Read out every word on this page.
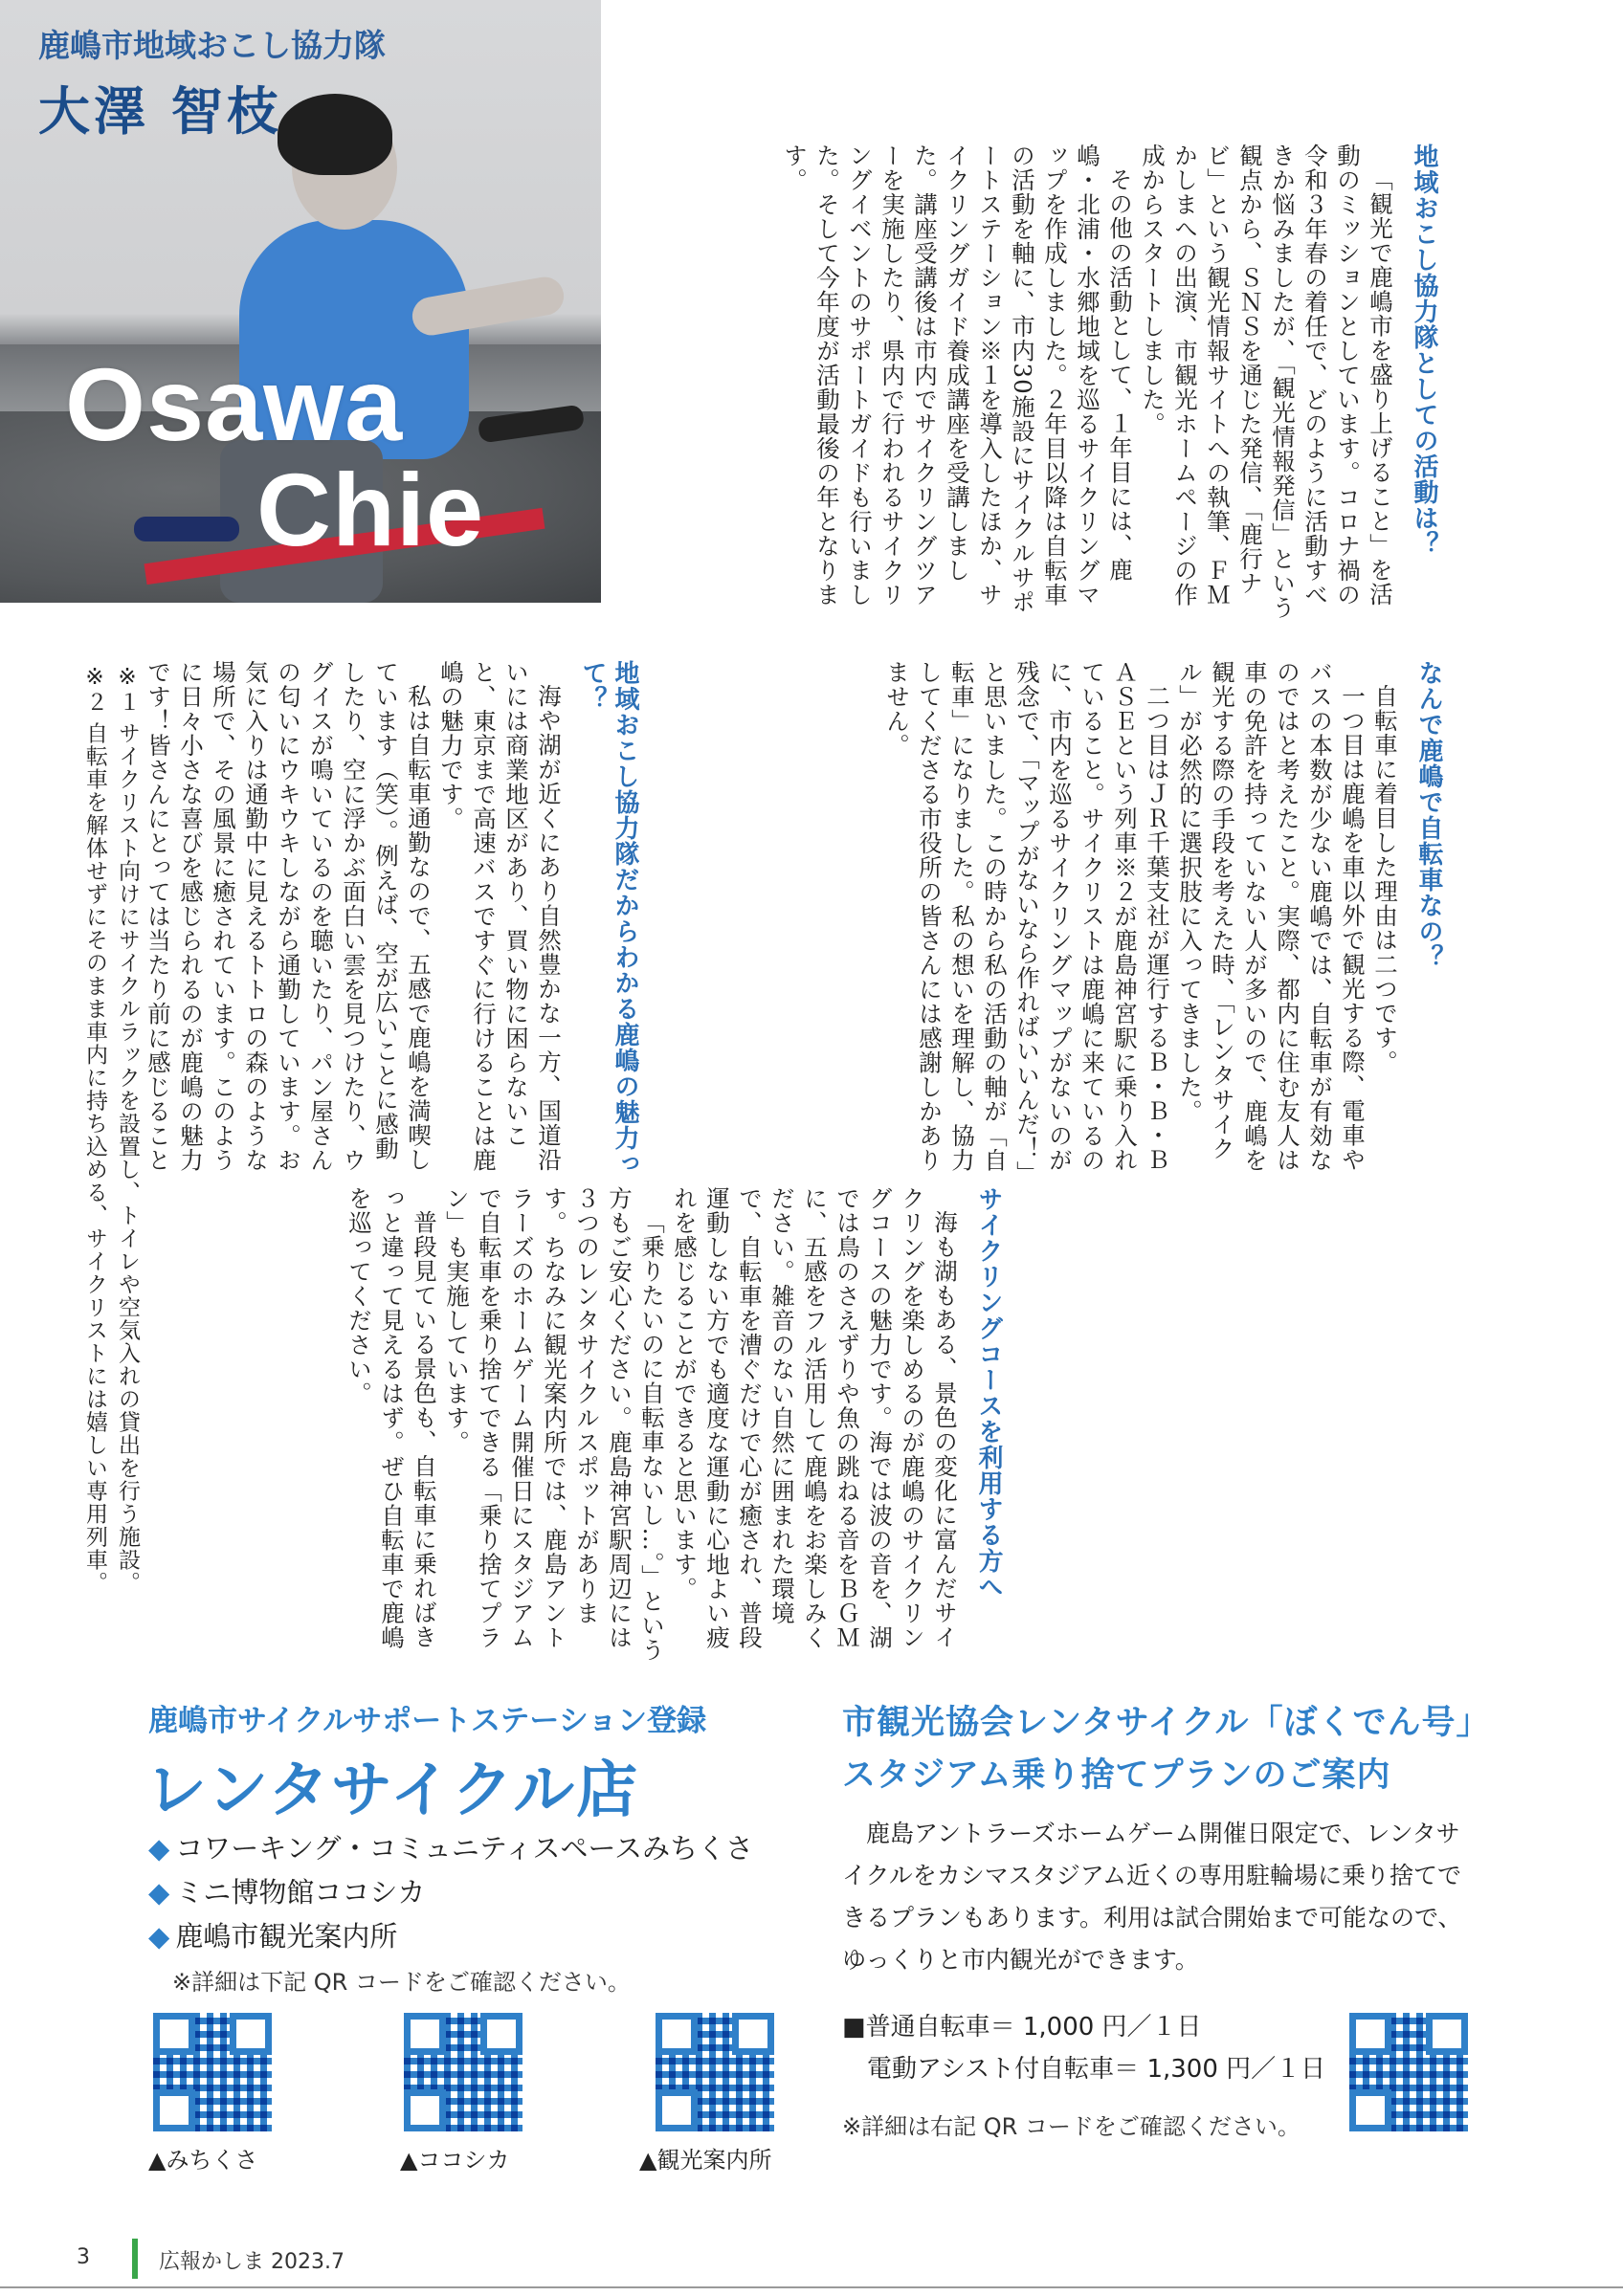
鹿嶋市地域おこし協力隊
大澤 智枝
Osawa
Chie	地域おこし協力隊としての活動は？

「観光で鹿嶋市を盛り上げること」を活動のミッションとしています。コロナ禍の令和３年春の着任で、どのように活動すべきか悩みましたが、「観光情報発信」という観点から、ＳＮＳを通じた発信、「鹿行ナビ」という観光情報サイトへの執筆、ＦＭかしまへの出演、市観光ホームページの作成からスタートしました。

その他の活動として、１年目には、鹿嶋・北浦・水郷地域を巡るサイクリングマップを作成しました。２年目以降は自転車の活動を軸に、市内30施設にサイクルサポートステーション※１を導入したほか、サイクリングガイド養成講座を受講しました。講座受講後は市内でサイクリングツアーを実施したり、県内で行われるサイクリングイベントのサポートガイドも行いました。そして今年度が活動最後の年となります。

なんで鹿嶋で自転車なの？

自転車に着目した理由は二つです。

一つ目は鹿嶋を車以外で観光する際、電車やバスの本数が少ない鹿嶋では、自転車が有効なのではと考えたこと。実際、都内に住む友人は車の免許を持っていない人が多いので、鹿嶋を観光する際の手段を考えた時、「レンタサイクル」が必然的に選択肢に入ってきました。

二つ目はＪＲ千葉支社が運行するＢ・Ｂ・ＢＡＳＥという列車※２が鹿島神宮駅に乗り入れていること。サイクリストは鹿嶋に来ているのに、市内を巡るサイクリングマップがないのが残念で、「マップがないなら作ればいいんだ！」と思いました。この時から私の活動の軸が「自転車」になりました。私の想いを理解し、協力してくださる市役所の皆さんには感謝しかありません。

地域おこし協力隊だからわかる鹿嶋の魅力って？

海や湖が近くにあり自然豊かな一方、国道沿いには商業地区があり、買い物に困らないこと、東京まで高速バスですぐに行けることは鹿嶋の魅力です。

私は自転車通勤なので、五感で鹿嶋を満喫しています（笑）。例えば、空が広いことに感動したり、空に浮かぶ面白い雲を見つけたり、ウグイスが鳴いているのを聴いたり、パン屋さんの匂いにウキウキしながら通勤しています。お気に入りは通勤中に見えるトトロの森のような場所で、その風景に癒されています。このように日々小さな喜びを感じられるのが鹿嶋の魅力です！皆さんにとっては当たり前に感じること

※１ サイクリスト向けにサイクルラックを設置し、トイレや空気入れの貸出を行う施設。

※２ 自転車を解体せずにそのまま車内に持ち込める、サイクリストには嬉しい専用列車。	サイクリングコースを利用する方へ

海も湖もある、景色の変化に富んだサイクリングを楽しめるのが鹿嶋のサイクリングコースの魅力です。海では波の音を、湖では鳥のさえずりや魚の跳ねる音をＢＧＭに、五感をフル活用して鹿嶋をお楽しみください。雑音のない自然に囲まれた環境で、自転車を漕ぐだけで心が癒され、普段運動しない方でも適度な運動に心地よい疲れを感じることができると思います。

「乗りたいのに自転車ないし…。」という方もご安心ください。鹿島神宮駅周辺には３つのレンタサイクルスポットがあります。ちなみに観光案内所では、鹿島アントラーズのホームゲーム開催日にスタジアムで自転車を乗り捨てできる「乗り捨てプラン」も実施しています。

普段見ている景色も、自転車に乗ればきっと違って見えるはず。ぜひ自転車で鹿嶋を巡ってください。

鹿嶋市サイクルサポートステーション登録
レンタサイクル店
◆ コワーキング・コミュニティスペースみちくさ
◆ ミニ博物館ココシカ
◆ 鹿嶋市観光案内所
※詳細は下記 QR コードをご確認ください。
▲みちくさ	▲ココシカ	▲観光案内所
市観光協会レンタサイクル「ぼくでん号」
スタジアム乗り捨てプランのご案内
鹿島アントラーズホームゲーム開催日限定で、レンタサイクルをカシマスタジアム近くの専用駐輪場に乗り捨てできるプランもあります。利用は試合開始まで可能なので、ゆっくりと市内観光ができます。
■普通自転車＝ 1,000 円／１日
電動アシスト付自転車＝ 1,300 円／１日
※詳細は右記 QR コードをご確認ください。
3	広報かしま 2023.7
